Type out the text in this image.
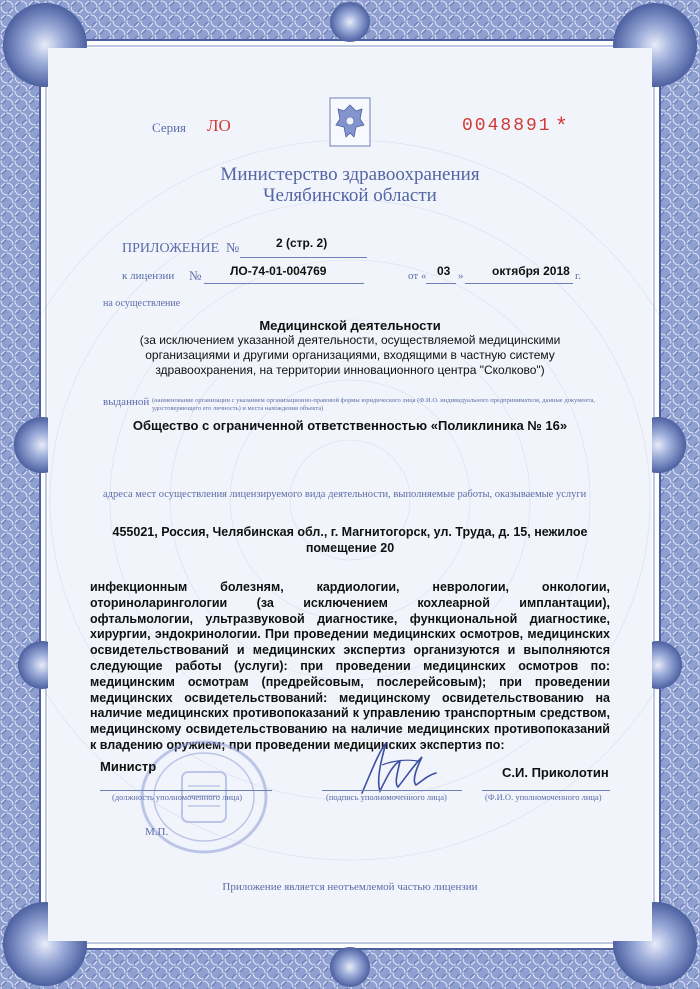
Серия ЛО	0048891 *
Министерство здравоохранения
Челябинской области
ПРИЛОЖЕНИЕ №	2 (стр. 2)
к лицензии № ЛО-74-01-004769	от « 03 » октября 2018 г.
на осуществление
Медицинской деятельности
(за исключением указанной деятельности, осуществляемой медицинскими организациями и другими организациями, входящими в частную систему здравоохранения, на территории инновационного центра "Сколково")
выданной (наименование организации с указанием организационно-правовой формы юридического лица (Ф.И.О. индивидуального предпринимателя, данные документа, удостоверяющего его личность) и места нахождения объекта)
Общество с ограниченной ответственностью «Поликлиника № 16»
адреса мест осуществления лицензируемого вида деятельности, выполняемые работы, оказываемые услуги
455021, Россия, Челябинская обл., г. Магнитогорск, ул. Труда, д. 15, нежилое помещение 20
инфекционным болезням, кардиологии, неврологии, онкологии, оториноларингологии (за исключением кохлеарной имплантации), офтальмологии, ультразвуковой диагностике, функциональной диагностике, хирургии, эндокринологии. При проведении медицинских осмотров, медицинских освидетельствований и медицинских экспертиз организуются и выполняются следующие работы (услуги): при проведении медицинских осмотров по: медицинским осмотрам (предрейсовым, послерейсовым); при проведении медицинских освидетельствований: медицинскому освидетельствованию на наличие медицинских противопоказаний к управлению транспортным средством, медицинскому освидетельствованию на наличие медицинских противопоказаний к владению оружием; при проведении медицинских экспертиз по:
Министр
(должность уполномоченного лица)	(подпись уполномоченного лица)
С.И. Приколотин
(Ф.И.О. уполномоченного лица)
М.П.
Приложение является неотъемлемой частью лицензии
